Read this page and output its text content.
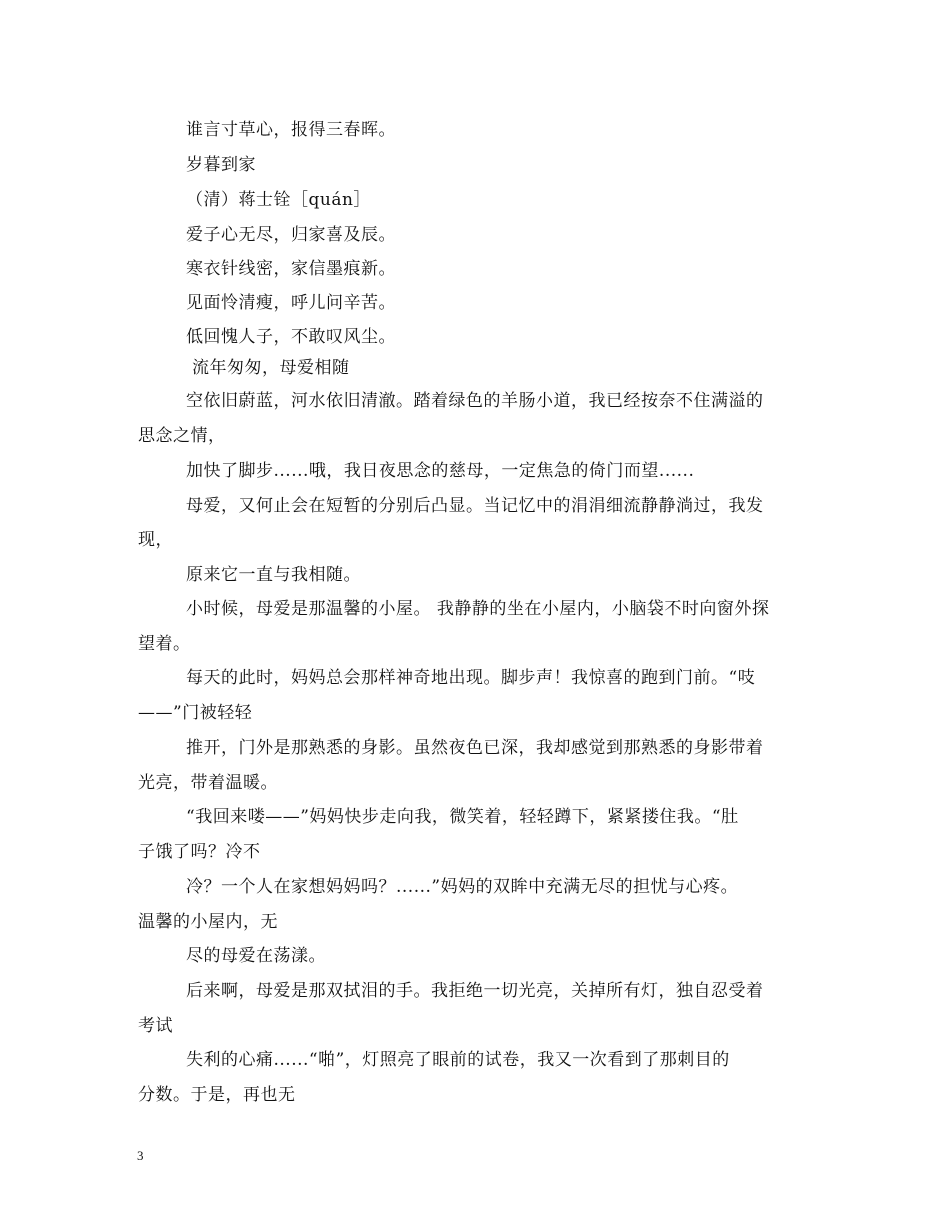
谁言寸草心，报得三春晖。
岁暮到家
（清）蒋士铨［quán］
爱子心无尽，归家喜及辰。
寒衣针线密，家信墨痕新。
见面怜清瘦，呼儿问辛苦。
低回愧人子，不敢叹风尘。
流年匆匆，母爱相随
空依旧蔚蓝，河水依旧清澈。踏着绿色的羊肠小道，我已经按奈不住满溢的
思念之情，
加快了脚步......哦，我日夜思念的慈母，一定焦急的倚门而望......
母爱，又何止会在短暂的分别后凸显。当记忆中的涓涓细流静静淌过，我发
现，
原来它一直与我相随。
小时候，母爱是那温馨的小屋。 我静静的坐在小屋内，小脑袋不时向窗外探
望着。
每天的此时，妈妈总会那样神奇地出现。脚步声！我惊喜的跑到门前。“吱
——”门被轻轻
推开，门外是那熟悉的身影。虽然夜色已深，我却感觉到那熟悉的身影带着
光亮，带着温暖。
“我回来喽——”妈妈快步走向我，微笑着，轻轻蹲下，紧紧搂住我。“肚
子饿了吗？冷不
冷？一个人在家想妈妈吗？......”妈妈的双眸中充满无尽的担忧与心疼。
温馨的小屋内，无
尽的母爱在荡漾。
后来啊，母爱是那双拭泪的手。我拒绝一切光亮，关掉所有灯，独自忍受着
考试
失利的心痛......“啪”，灯照亮了眼前的试卷，我又一次看到了那刺目的
分数。于是，再也无
3
